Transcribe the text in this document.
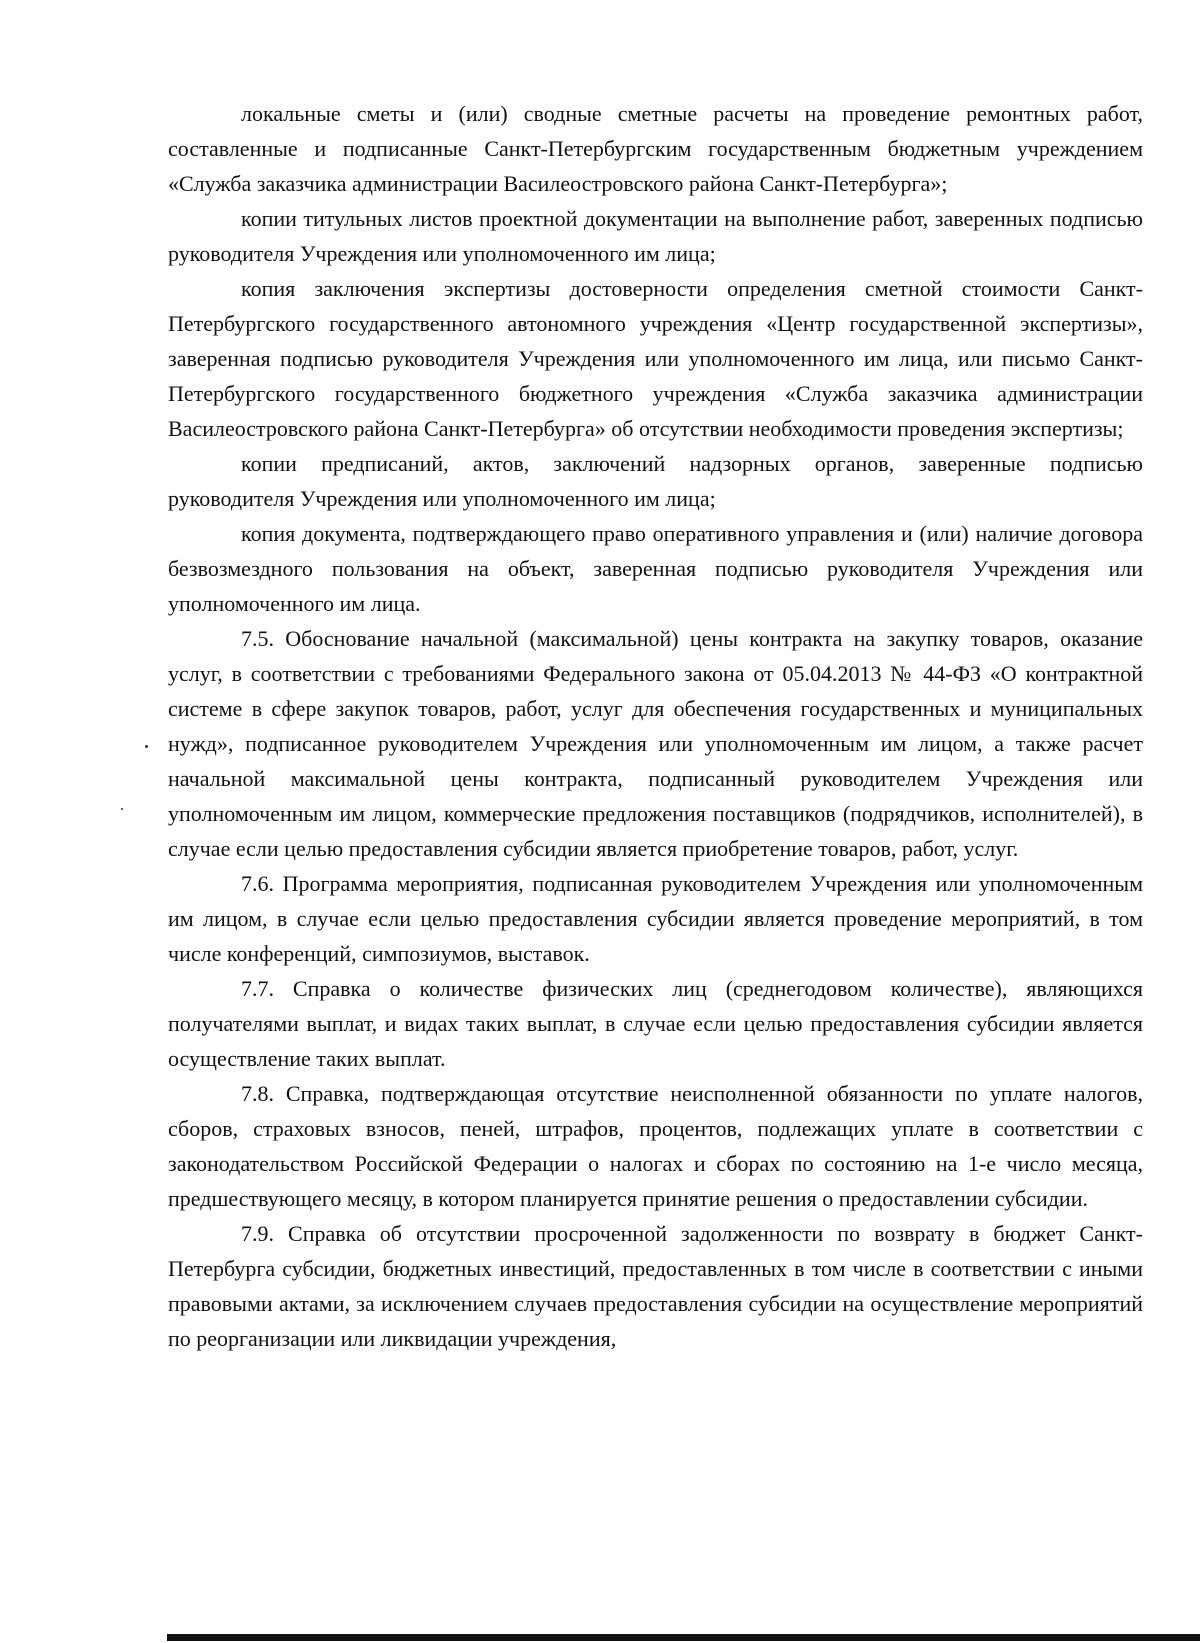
локальные сметы и (или) сводные сметные расчеты на проведение ремонтных работ, составленные и подписанные Санкт-Петербургским государственным бюджетным учреждением «Служба заказчика администрации Василеостровского района Санкт-Петербурга»;

копии титульных листов проектной документации на выполнение работ, заверенных подписью руководителя Учреждения или уполномоченного им лица;

копия заключения экспертизы достоверности определения сметной стоимости Санкт-Петербургского государственного автономного учреждения «Центр государственной экспертизы», заверенная подписью руководителя Учреждения или уполномоченного им лица, или письмо Санкт-Петербургского государственного бюджетного учреждения «Служба заказчика администрации Василеостровского района Санкт-Петербурга» об отсутствии необходимости проведения экспертизы;

копии предписаний, актов, заключений надзорных органов, заверенные подписью руководителя Учреждения или уполномоченного им лица;

копия документа, подтверждающего право оперативного управления и (или) наличие договора безвозмездного пользования на объект, заверенная подписью руководителя Учреждения или уполномоченного им лица.

7.5. Обоснование начальной (максимальной) цены контракта на закупку товаров, оказание услуг, в соответствии с требованиями Федерального закона от 05.04.2013 № 44-ФЗ «О контрактной системе в сфере закупок товаров, работ, услуг для обеспечения государственных и муниципальных нужд», подписанное руководителем Учреждения или уполномоченным им лицом, а также расчет начальной максимальной цены контракта, подписанный руководителем Учреждения или уполномоченным им лицом, коммерческие предложения поставщиков (подрядчиков, исполнителей), в случае если целью предоставления субсидии является приобретение товаров, работ, услуг.

7.6. Программа мероприятия, подписанная руководителем Учреждения или уполномоченным им лицом, в случае если целью предоставления субсидии является проведение мероприятий, в том числе конференций, симпозиумов, выставок.

7.7. Справка о количестве физических лиц (среднегодовом количестве), являющихся получателями выплат, и видах таких выплат, в случае если целью предоставления субсидии является осуществление таких выплат.

7.8. Справка, подтверждающая отсутствие неисполненной обязанности по уплате налогов, сборов, страховых взносов, пеней, штрафов, процентов, подлежащих уплате в соответствии с законодательством Российской Федерации о налогах и сборах по состоянию на 1-е число месяца, предшествующего месяцу, в котором планируется принятие решения о предоставлении субсидии.

7.9. Справка об отсутствии просроченной задолженности по возврату в бюджет Санкт-Петербурга субсидии, бюджетных инвестиций, предоставленных в том числе в соответствии с иными правовыми актами, за исключением случаев предоставления субсидии на осуществление мероприятий по реорганизации или ликвидации учреждения,
